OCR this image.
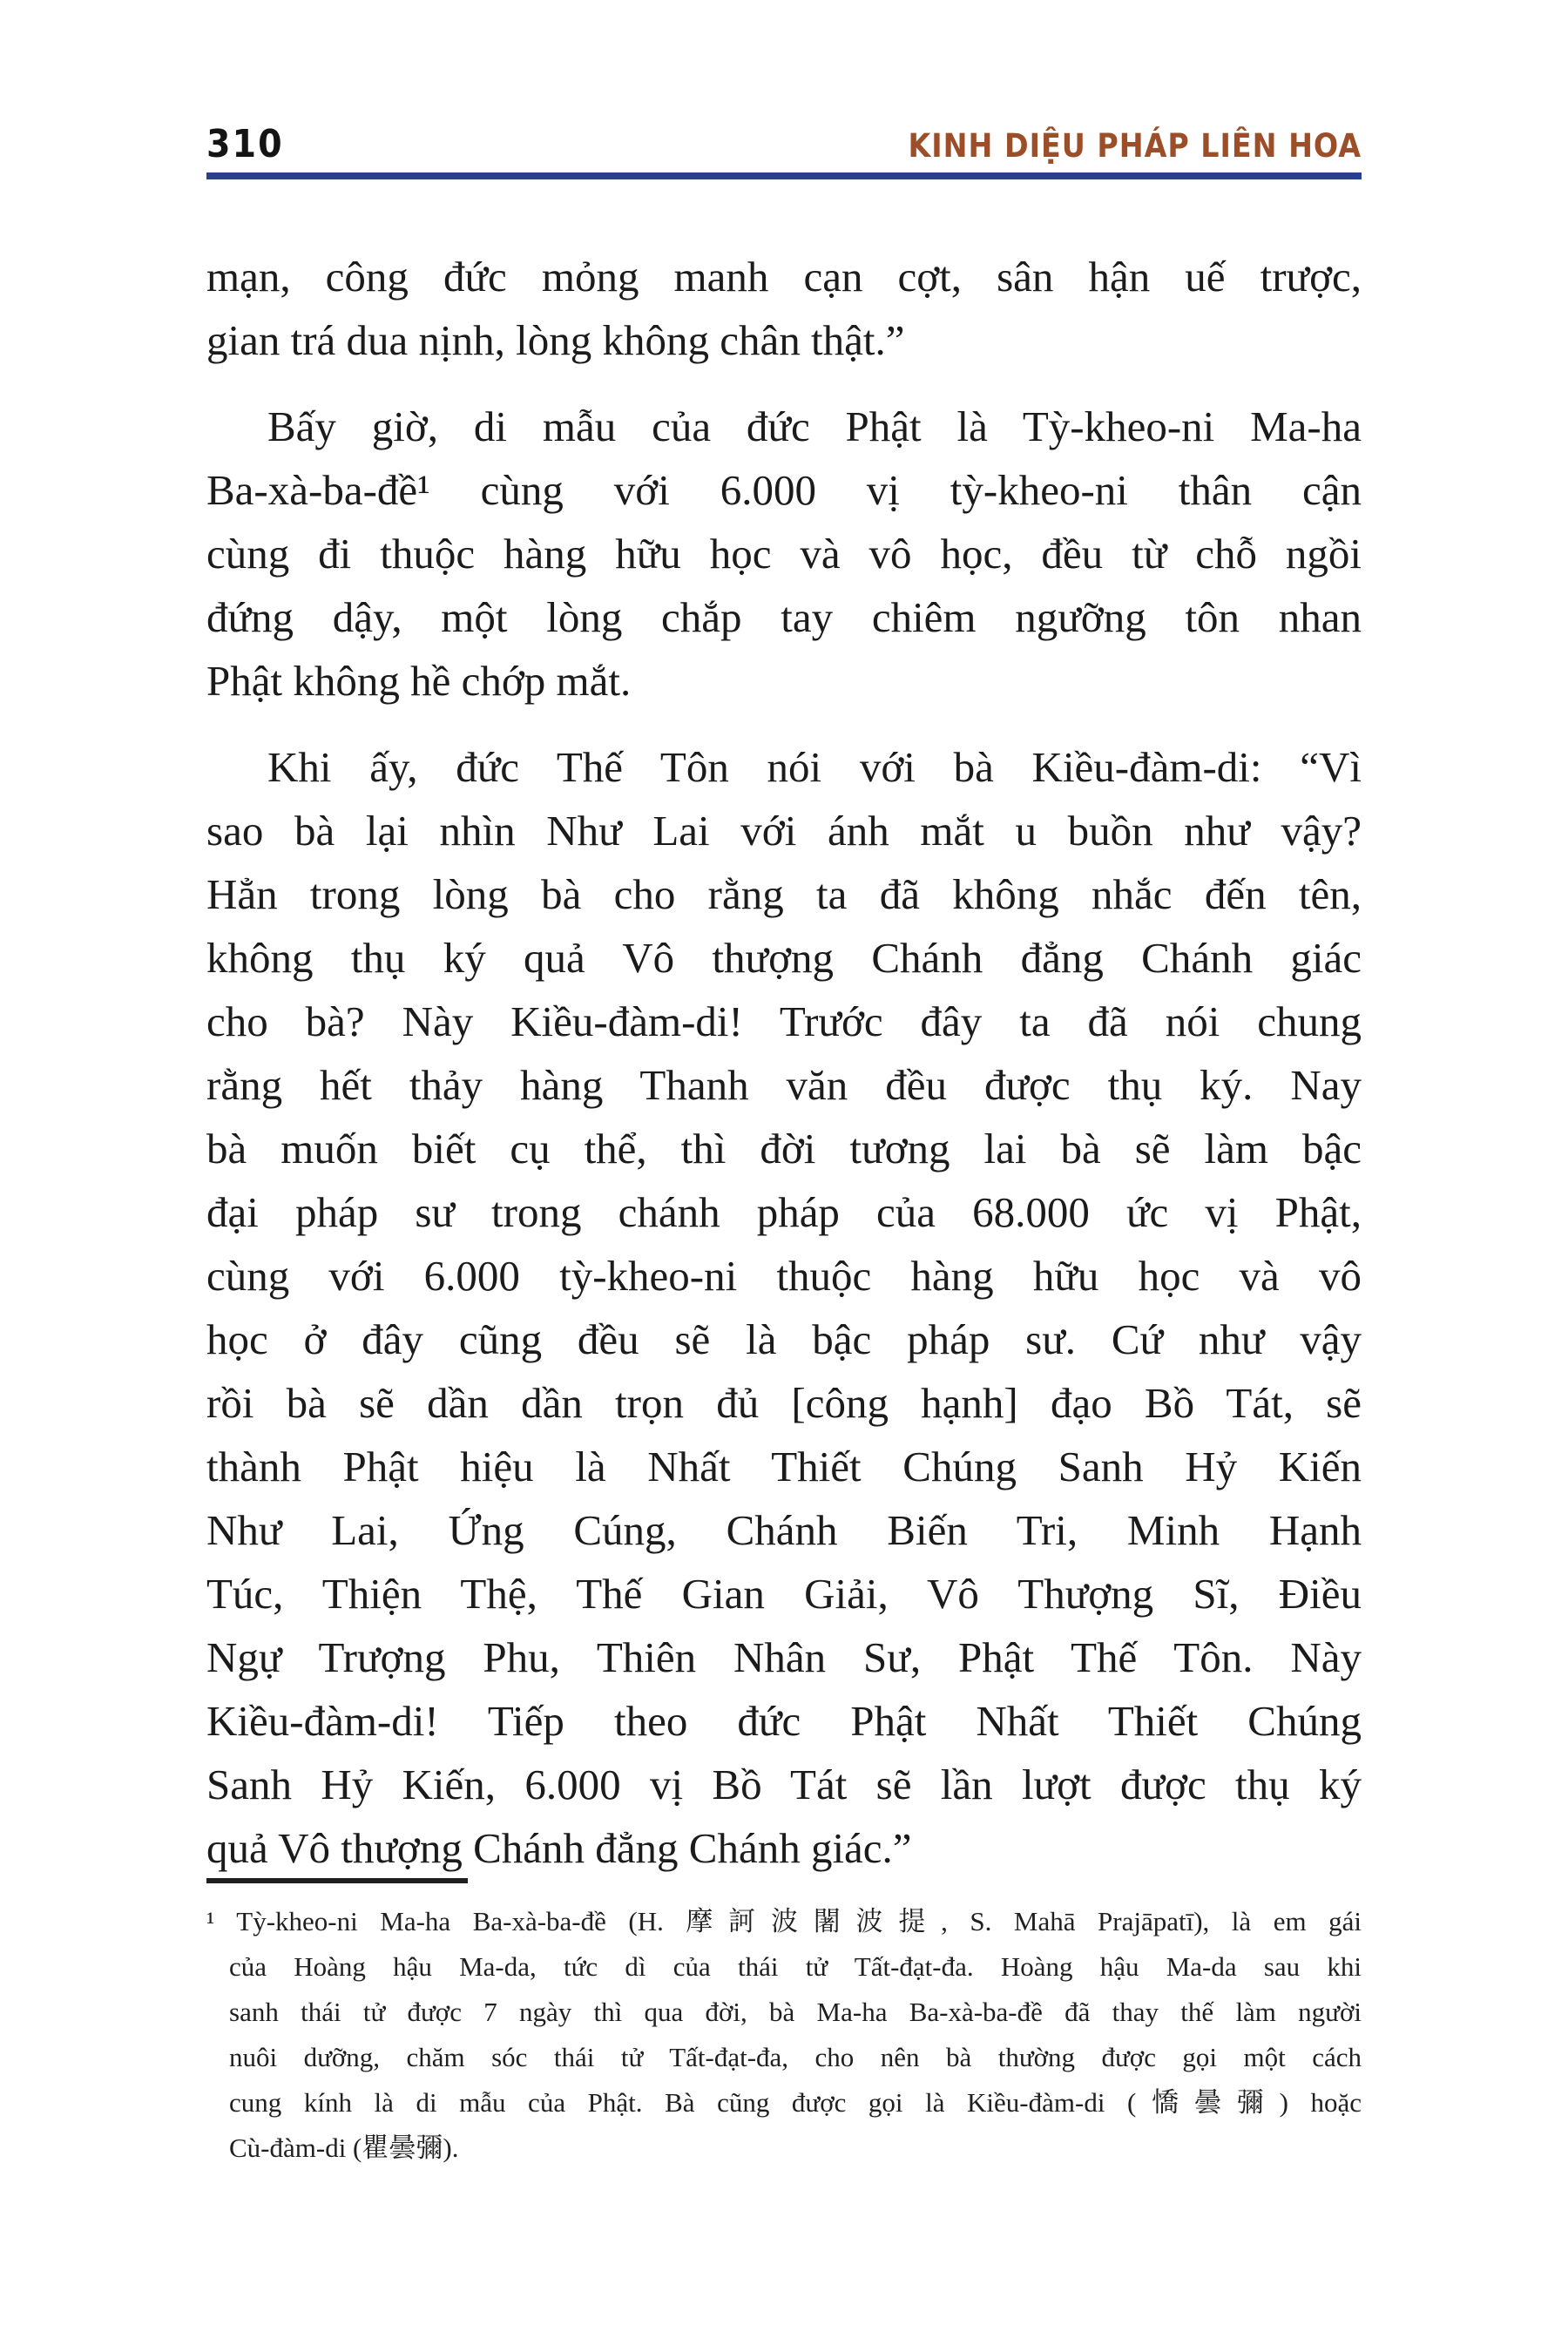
310	KINH DIỆU PHÁP LIÊN HOA
mạn, công đức mỏng manh cạn cợt, sân hận uế trược,
gian trá dua nịnh, lòng không chân thật.”
Bấy giờ, di mẫu của đức Phật là Tỳ-kheo-ni Ma-ha
Ba-xà-ba-đề¹ cùng với 6.000 vị tỳ-kheo-ni thân cận
cùng đi thuộc hàng hữu học và vô học, đều từ chỗ ngồi
đứng dậy, một lòng chắp tay chiêm ngưỡng tôn nhan
Phật không hề chớp mắt.
Khi ấy, đức Thế Tôn nói với bà Kiều-đàm-di: “Vì
sao bà lại nhìn Như Lai với ánh mắt u buồn như vậy?
Hẳn trong lòng bà cho rằng ta đã không nhắc đến tên,
không thụ ký quả Vô thượng Chánh đẳng Chánh giác
cho bà? Này Kiều-đàm-di! Trước đây ta đã nói chung
rằng hết thảy hàng Thanh văn đều được thụ ký. Nay
bà muốn biết cụ thể, thì đời tương lai bà sẽ làm bậc
đại pháp sư trong chánh pháp của 68.000 ức vị Phật,
cùng với 6.000 tỳ-kheo-ni thuộc hàng hữu học và vô
học ở đây cũng đều sẽ là bậc pháp sư. Cứ như vậy
rồi bà sẽ dần dần trọn đủ [công hạnh] đạo Bồ Tát, sẽ
thành Phật hiệu là Nhất Thiết Chúng Sanh Hỷ Kiến
Như Lai, Ứng Cúng, Chánh Biến Tri, Minh Hạnh
Túc, Thiện Thệ, Thế Gian Giải, Vô Thượng Sĩ, Điều
Ngự Trượng Phu, Thiên Nhân Sư, Phật Thế Tôn. Này
Kiều-đàm-di! Tiếp theo đức Phật Nhất Thiết Chúng
Sanh Hỷ Kiến, 6.000 vị Bồ Tát sẽ lần lượt được thụ ký
quả Vô thượng Chánh đẳng Chánh giác.”
¹ Tỳ-kheo-ni Ma-ha Ba-xà-ba-đề (H. 摩訶波闍波提, S. Mahā Prajāpatī), là em gái
của Hoàng hậu Ma-da, tức dì của thái tử Tất-đạt-đa. Hoàng hậu Ma-da sau khi
sanh thái tử được 7 ngày thì qua đời, bà Ma-ha Ba-xà-ba-đề đã thay thế làm người
nuôi dưỡng, chăm sóc thái tử Tất-đạt-đa, cho nên bà thường được gọi một cách
cung kính là di mẫu của Phật. Bà cũng được gọi là Kiều-đàm-di (憍曇彌) hoặc
Cù-đàm-di (瞿曇彌).
